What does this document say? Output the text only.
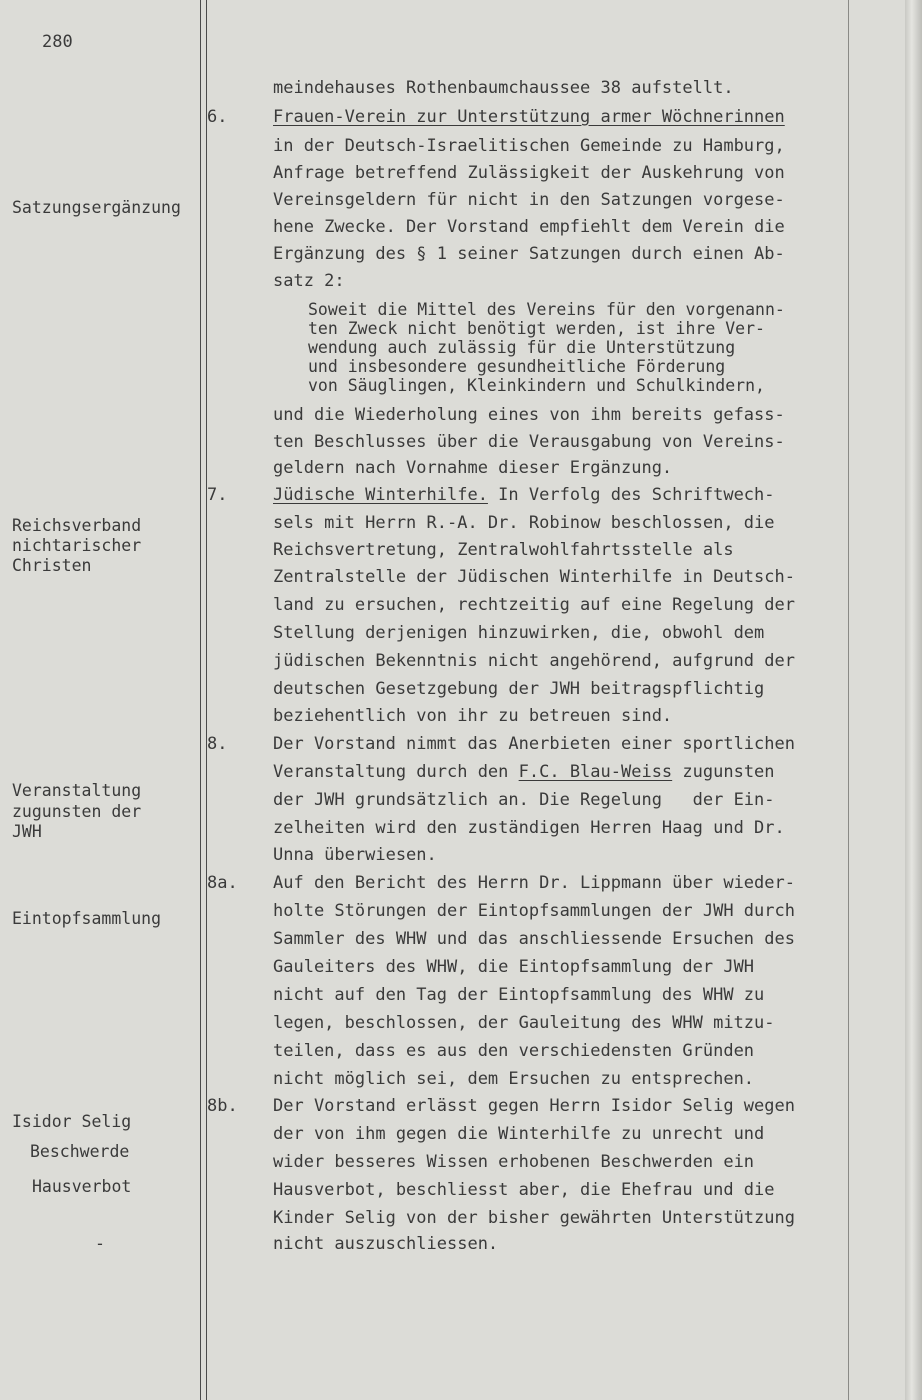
280
Satzungsergänzung
Reichsverband
nichtarischer
Christen
Veranstaltung
zugunsten der
JWH
Eintopfsammlung
Isidor Selig
Beschwerde
Hausverbot
-
6.
7.
8.
8a.
8b.
meindehauses Rothenbaumchaussee 38 aufstellt.
Frauen-Verein zur Unterstützung armer Wöchnerinnen
in der Deutsch-Israelitischen Gemeinde zu Hamburg,
Anfrage betreffend Zulässigkeit der Auskehrung von
Vereinsgeldern für nicht in den Satzungen vorgese-
hene Zwecke. Der Vorstand empfiehlt dem Verein die
Ergänzung des § 1 seiner Satzungen durch einen Ab-
satz 2:
Soweit die Mittel des Vereins für den vorgenann-
ten Zweck nicht benötigt werden, ist ihre Ver-
wendung auch zulässig für die Unterstützung
und insbesondere gesundheitliche Förderung
von Säuglingen, Kleinkindern und Schulkindern,
und die Wiederholung eines von ihm bereits gefass-
ten Beschlusses über die Verausgabung von Vereins-
geldern nach Vornahme dieser Ergänzung.
Jüdische Winterhilfe. In Verfolg des Schriftwech-
sels mit Herrn R.-A. Dr. Robinow beschlossen, die
Reichsvertretung, Zentralwohlfahrtsstelle als
Zentralstelle der Jüdischen Winterhilfe in Deutsch-
land zu ersuchen, rechtzeitig auf eine Regelung der
Stellung derjenigen hinzuwirken, die, obwohl dem
jüdischen Bekenntnis nicht angehörend, aufgrund der
deutschen Gesetzgebung der JWH beitragspflichtig
beziehentlich von ihr zu betreuen sind.
Der Vorstand nimmt das Anerbieten einer sportlichen
Veranstaltung durch den F.C. Blau-Weiss zugunsten
der JWH grundsätzlich an. Die Regelung   der Ein-
zelheiten wird den zuständigen Herren Haag und Dr.
Unna überwiesen.
Auf den Bericht des Herrn Dr. Lippmann über wieder-
holte Störungen der Eintopfsammlungen der JWH durch
Sammler des WHW und das anschliessende Ersuchen des
Gauleiters des WHW, die Eintopfsammlung der JWH
nicht auf den Tag der Eintopfsammlung des WHW zu
legen, beschlossen, der Gauleitung des WHW mitzu-
teilen, dass es aus den verschiedensten Gründen
nicht möglich sei, dem Ersuchen zu entsprechen.
Der Vorstand erlässt gegen Herrn Isidor Selig wegen
der von ihm gegen die Winterhilfe zu unrecht und
wider besseres Wissen erhobenen Beschwerden ein
Hausverbot, beschliesst aber, die Ehefrau und die
Kinder Selig von der bisher gewährten Unterstützung
nicht auszuschliessen.
